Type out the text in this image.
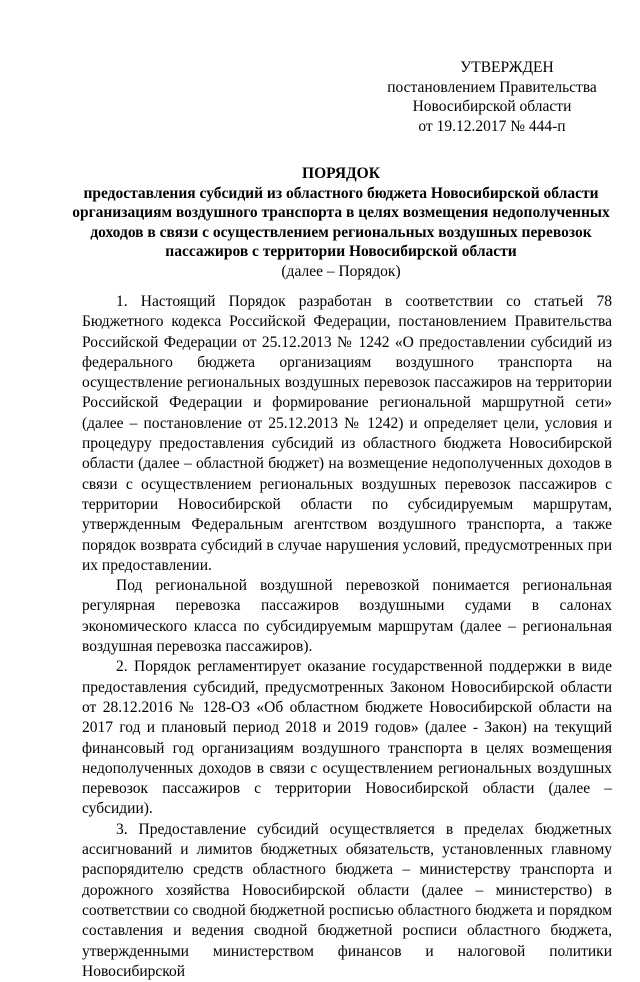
УТВЕРЖДЕН
постановлением Правительства
Новосибирской области
от 19.12.2017 № 444-п
ПОРЯДОК
предоставления субсидий из областного бюджета Новосибирской области организациям воздушного транспорта в целях возмещения недополученных доходов в связи с осуществлением региональных воздушных перевозок пассажиров с территории Новосибирской области
(далее – Порядок)

1. Настоящий Порядок разработан в соответствии со статьей 78 Бюджетного кодекса Российской Федерации, постановлением Правительства Российской Федерации от 25.12.2013 № 1242 «О предоставлении субсидий из федерального бюджета организациям воздушного транспорта на осуществление региональных воздушных перевозок пассажиров на территории Российской Федерации и формирование региональной маршрутной сети» (далее – постановление от 25.12.2013 № 1242) и определяет цели, условия и процедуру предоставления субсидий из областного бюджета Новосибирской области (далее – областной бюджет) на возмещение недополученных доходов в связи с осуществлением региональных воздушных перевозок пассажиров с территории Новосибирской области по субсидируемым маршрутам, утвержденным Федеральным агентством воздушного транспорта, а также порядок возврата субсидий в случае нарушения условий, предусмотренных при их предоставлении.

Под региональной воздушной перевозкой понимается региональная регулярная перевозка пассажиров воздушными судами в салонах экономического класса по субсидируемым маршрутам (далее – региональная воздушная перевозка пассажиров).

2. Порядок регламентирует оказание государственной поддержки в виде предоставления субсидий, предусмотренных Законом Новосибирской области от 28.12.2016 № 128-ОЗ «Об областном бюджете Новосибирской области на 2017 год и плановый период 2018 и 2019 годов» (далее - Закон) на текущий финансовый год организациям воздушного транспорта в целях возмещения недополученных доходов в связи с осуществлением региональных воздушных перевозок пассажиров с территории Новосибирской области (далее – субсидии).

3. Предоставление субсидий осуществляется в пределах бюджетных ассигнований и лимитов бюджетных обязательств, установленных главному распорядителю средств областного бюджета – министерству транспорта и дорожного хозяйства Новосибирской области (далее – министерство) в соответствии со сводной бюджетной росписью областного бюджета и порядком составления и ведения сводной бюджетной росписи областного бюджета, утвержденными министерством финансов и налоговой политики Новосибирской
